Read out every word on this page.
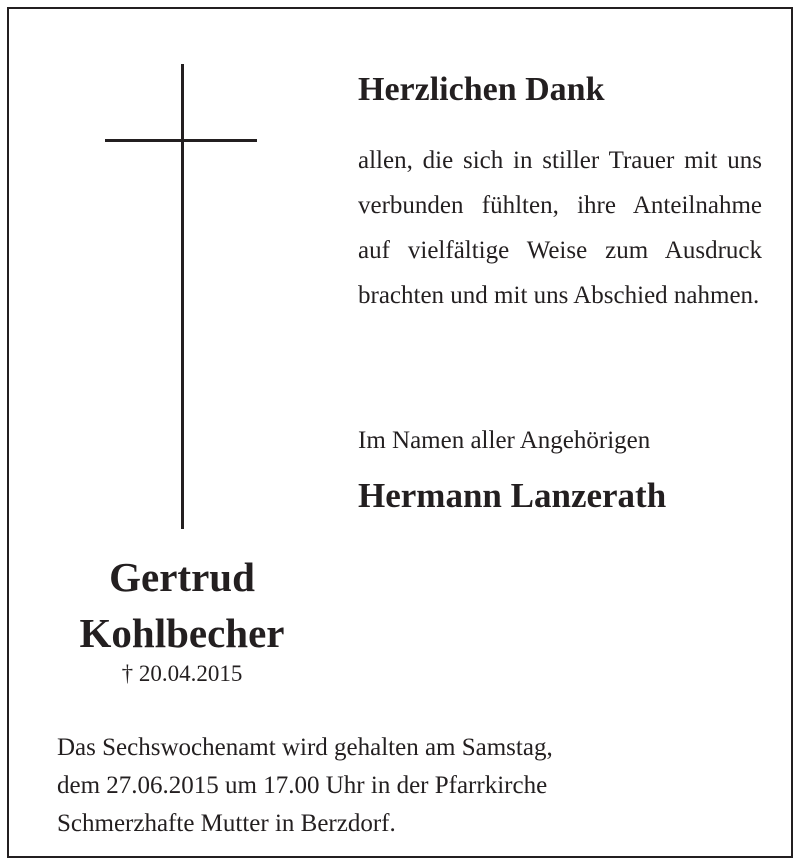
Herzlichen Dank

allen, die sich in stiller Trauer mit uns verbunden fühlten, ihre Anteilnahme auf vielfältige Weise zum Ausdruck brachten und mit uns Abschied nahmen.

Im Namen aller Angehörigen

Hermann Lanzerath

Gertrud
Kohlbecher
† 20.04.2015

Das Sechswochenamt wird gehalten am Samstag,
dem 27.06.2015 um 17.00 Uhr in der Pfarrkirche
Schmerzhafte Mutter in Berzdorf.
